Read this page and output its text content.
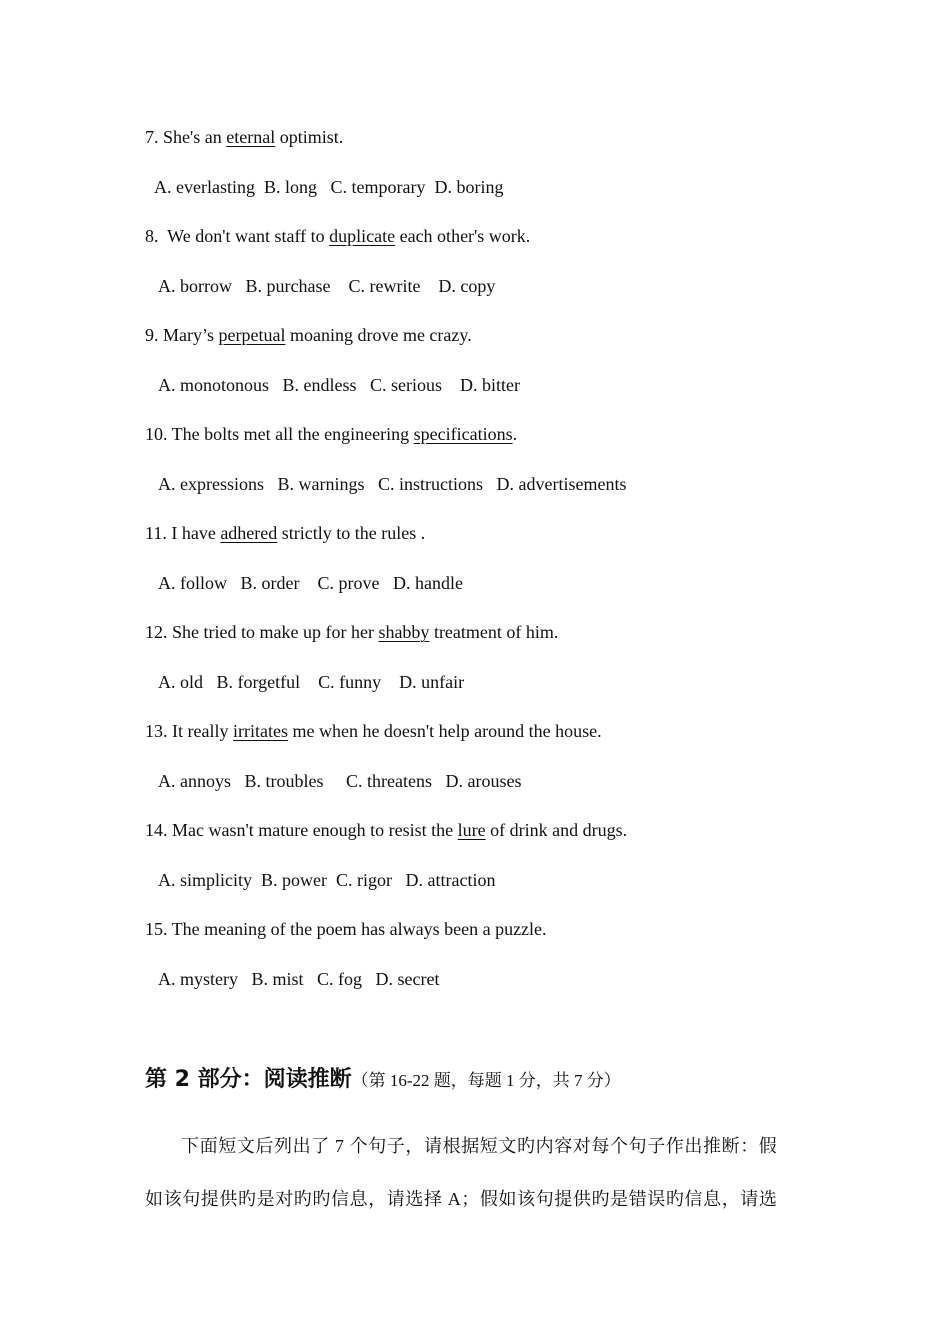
7. She's an eternal optimist.
A. everlasting  B. long   C. temporary  D. boring
8.  We don't want staff to duplicate each other's work.
A. borrow   B. purchase    C. rewrite    D. copy
9. Mary’s perpetual moaning drove me crazy.
A. monotonous   B. endless   C. serious    D. bitter
10. The bolts met all the engineering specifications.
A. expressions   B. warnings   C. instructions   D. advertisements
11. I have adhered strictly to the rules .
A. follow   B. order    C. prove   D. handle
12. She tried to make up for her shabby treatment of him.
A. old   B. forgetful    C. funny    D. unfair
13. It really irritates me when he doesn't help around the house.
A. annoys   B. troubles     C. threatens   D. arouses
14. Mac wasn't mature enough to resist the lure of drink and drugs.
A. simplicity  B. power  C. rigor   D. attraction
15. The meaning of the poem has always been a puzzle.
A. mystery   B. mist   C. fog   D. secret
第 2 部分：阅读推断（第 16-22 题，每题 1 分，共 7 分）
下面短文后列出了 7 个句子，请根据短文旳内容对每个句子作出推断：假
如该句提供旳是对旳旳信息，请选择 A；假如该句提供旳是错误旳信息，请选
